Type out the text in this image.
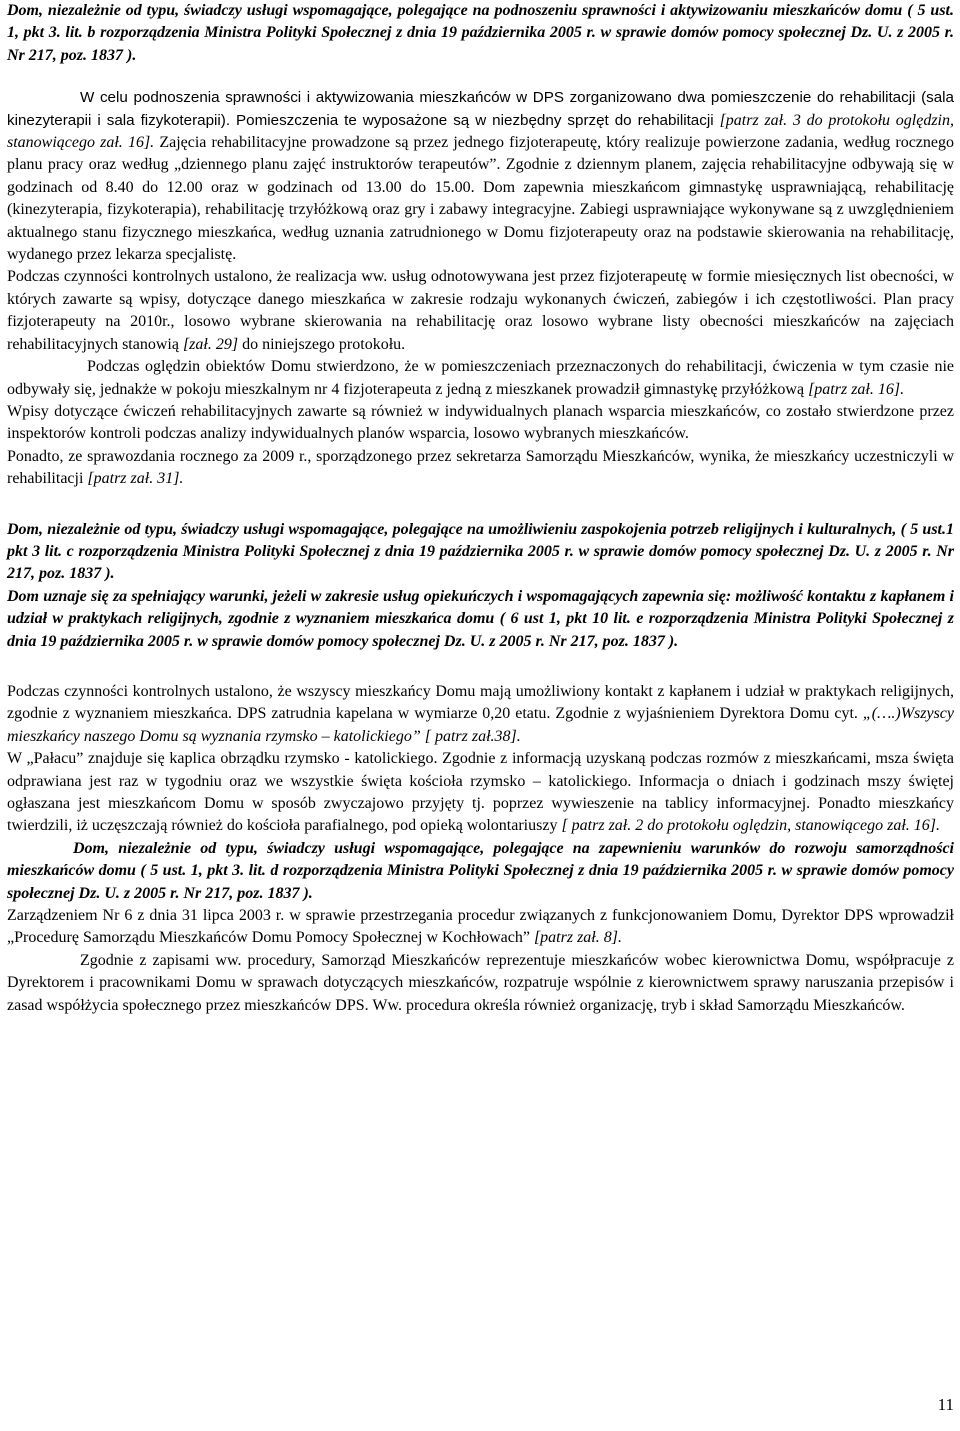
Dom, niezależnie od typu, świadczy usługi wspomagające, polegające na podnoszeniu sprawności i aktywizowaniu mieszkańców domu ( 5 ust. 1, pkt 3. lit. b rozporządzenia Ministra Polityki Społecznej z dnia 19 października 2005 r. w sprawie domów pomocy społecznej Dz. U. z 2005 r. Nr 217, poz. 1837 ).

W celu podnoszenia sprawności i aktywizowania mieszkańców w DPS zorganizowano dwa pomieszczenie do rehabilitacji (sala kinezyterapii i sala fizykoterapii). Pomieszczenia te wyposażone są w niezbędny sprzęt do rehabilitacji [patrz zał. 3 do protokołu oględzin, stanowiącego zał. 16]. Zajęcia rehabilitacyjne prowadzone są przez jednego fizjoterapeutę, który realizuje powierzone zadania, według rocznego planu pracy oraz według „dziennego planu zajęć instruktorów terapeutów”. Zgodnie z dziennym planem, zajęcia rehabilitacyjne odbywają się w godzinach od 8.40 do 12.00 oraz w godzinach od 13.00 do 15.00. Dom zapewnia mieszkańcom gimnastykę usprawniającą, rehabilitację (kinezyterapia, fizykoterapia), rehabilitację trzyłóżkową oraz gry i zabawy integracyjne. Zabiegi usprawniające wykonywane są z uwzględnieniem aktualnego stanu fizycznego mieszkańca, według uznania zatrudnionego w Domu fizjoterapeuty oraz na podstawie skierowania na rehabilitację, wydanego przez lekarza specjalistę.

Podczas czynności kontrolnych ustalono, że realizacja ww. usług odnotowywana jest przez fizjoterapeutę w formie miesięcznych list obecności, w których zawarte są wpisy, dotyczące danego mieszkańca w zakresie rodzaju wykonanych ćwiczeń, zabiegów i ich częstotliwości. Plan pracy fizjoterapeuty na 2010r., losowo wybrane skierowania na rehabilitację oraz losowo wybrane listy obecności mieszkańców na zajęciach rehabilitacyjnych stanowią [zał. 29] do niniejszego protokołu.

Podczas oględzin obiektów Domu stwierdzono, że w pomieszczeniach przeznaczonych do rehabilitacji, ćwiczenia w tym czasie nie odbywały się, jednakże w pokoju mieszkalnym nr 4 fizjoterapeuta z jedną z mieszkanek prowadził gimnastykę przyłóżkową [patrz zał. 16].

Wpisy dotyczące ćwiczeń rehabilitacyjnych zawarte są również w indywidualnych planach wsparcia mieszkańców, co zostało stwierdzone przez inspektorów kontroli podczas analizy indywidualnych planów wsparcia, losowo wybranych mieszkańców.

Ponadto, ze sprawozdania rocznego za 2009 r., sporządzonego przez sekretarza Samorządu Mieszkańców, wynika, że mieszkańcy uczestniczyli w rehabilitacji [patrz zał. 31].

Dom, niezależnie od typu, świadczy usługi wspomagające, polegające na umożliwieniu zaspokojenia potrzeb religijnych i kulturalnych, ( 5 ust.1 pkt 3 lit. c rozporządzenia Ministra Polityki Społecznej z dnia 19 października 2005 r. w sprawie domów pomocy społecznej Dz. U. z 2005 r. Nr 217, poz. 1837 ).

Dom uznaje się za spełniający warunki, jeżeli w zakresie usług opiekuńczych i wspomagających zapewnia się: możliwość kontaktu z kapłanem i udział w praktykach religijnych, zgodnie z wyznaniem mieszkańca domu ( 6 ust 1, pkt 10 lit. e rozporządzenia Ministra Polityki Społecznej z dnia 19 października 2005 r. w sprawie domów pomocy społecznej Dz. U. z 2005 r. Nr 217, poz. 1837 ).

Podczas czynności kontrolnych ustalono, że wszyscy mieszkańcy Domu mają umożliwiony kontakt z kapłanem i udział w praktykach religijnych, zgodnie z wyznaniem mieszkańca. DPS zatrudnia kapelana w wymiarze 0,20 etatu. Zgodnie z wyjaśnieniem Dyrektora Domu cyt. „(….)Wszyscy mieszkańcy naszego Domu są wyznania rzymsko – katolickiego” [ patrz zał.38].

W „Pałacu” znajduje się kaplica obrządku rzymsko - katolickiego. Zgodnie z informacją uzyskaną podczas rozmów z mieszkańcami, msza święta odprawiana jest raz w tygodniu oraz we wszystkie święta kościoła rzymsko – katolickiego. Informacja o dniach i godzinach mszy świętej ogłaszana jest mieszkańcom Domu w sposób zwyczajowo przyjęty tj. poprzez wywieszenie na tablicy informacyjnej. Ponadto mieszkańcy twierdzili, iż uczęszczają również do kościoła parafialnego, pod opieką wolontariuszy [ patrz zał. 2 do protokołu oględzin, stanowiącego zał. 16].

Dom, niezależnie od typu, świadczy usługi wspomagające, polegające na zapewnieniu warunków do rozwoju samorządności mieszkańców domu ( 5 ust. 1, pkt 3. lit. d rozporządzenia Ministra Polityki Społecznej z dnia 19 października 2005 r. w sprawie domów pomocy społecznej Dz. U. z 2005 r. Nr 217, poz. 1837 ).

Zarządzeniem Nr 6 z dnia 31 lipca 2003 r. w sprawie przestrzegania procedur związanych z funkcjonowaniem Domu, Dyrektor DPS wprowadził „Procedurę Samorządu Mieszkańców Domu Pomocy Społecznej w Kochłowach” [patrz zał. 8].

Zgodnie z zapisami ww. procedury, Samorząd Mieszkańców reprezentuje mieszkańców wobec kierownictwa Domu, współpracuje z Dyrektorem i pracownikami Domu w sprawach dotyczących mieszkańców, rozpatruje wspólnie z kierownictwem sprawy naruszania przepisów i zasad współżycia społecznego przez mieszkańców DPS. Ww. procedura określa również organizację, tryb i skład Samorządu Mieszkańców.

11
